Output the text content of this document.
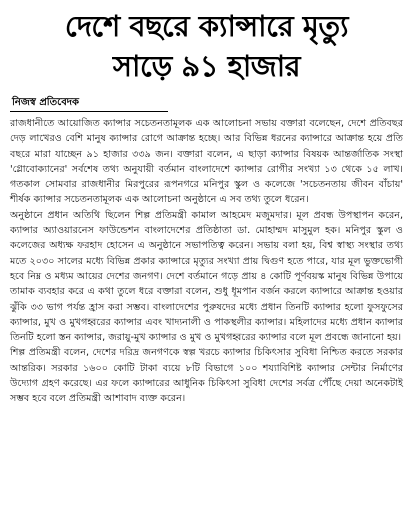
দেশে বছরে ক্যান্সারে মৃত্যু
সাড়ে ৯১ হাজার
নিজস্ব প্রতিবেদক

রাজধানীতে আয়োজিত ক্যান্সার সচেতনতামূলক এক আলোচনা সভায় বক্তারা বলেছেন, দেশে প্রতিবছর দেড় লাখেরও বেশি মানুষ ক্যান্সার রোগে আক্রান্ত হচ্ছে। আর বিভিন্ন ধরনের ক্যান্সারে আক্রান্ত হয়ে প্রতি বছরে মারা যাচ্ছেন ৯১ হাজার ৩৩৯ জন। বক্তারা বলেন, এ ছাড়া ক্যান্সার বিষয়ক আন্তর্জাতিক সংস্থা 'গ্লোবোক্যানের' সর্বশেষ তথ্য অনুযায়ী বর্তমান বাংলাদেশে ক্যান্সার রোগীর সংখ্যা ১৩ থেকে ১৫ লাখ। গতকাল সোমবার রাজধানীর মিরপুরের রূপনগরে মনিপুর স্কুল ও কলেজে 'সচেতনতায় জীবন বাঁচায়' শীর্ষক ক্যান্সার সচেতনতামূলক এক আলোচনা অনুষ্ঠানে এ সব তথ্য তুলে ধরেন।

অনুষ্ঠানে প্রধান অতিথি ছিলেন শিল্প প্রতিমন্ত্রী কামাল আহমেদ মজুমদার। মূল প্রবন্ধ উপস্থাপন করেন, ক্যান্সার অ্যাওয়ারনেস ফাউন্ডেশন বাংলাদেশের প্রতিষ্ঠাতা ডা. মোহাম্মদ মাসুমুল হক। মনিপুর স্কুল ও কলেজের অধ্যক্ষ ফরহাদ হোসেন এ অনুষ্ঠানে সভাপতিত্ব করেন। সভায় বলা হয়, বিশ্ব স্বাস্থ্য সংস্থার তথ্য মতে ২০৩০ সালের মধ্যে বিভিন্ন প্রকার ক্যান্সারে মৃত্যুর সংখ্যা প্রায় দ্বিগুণ হতে পারে, যার মূল ভুক্তভোগী হবে নিম্ন ও মধ্যম আয়ের দেশের জনগণ। দেশে বর্তমানে গড়ে প্রায় ৪ কোটি পূর্ণবয়স্ক মানুষ বিভিন্ন উপায়ে তামাক ব্যবহার করে এ কথা তুলে ধরে বক্তারা বলেন, শুধু ধূমপান বর্জন করলে ক্যান্সারে আক্রান্ত হওয়ার ঝুঁকি ৩৩ ভাগ পর্যন্ত হ্রাস করা সম্ভব। বাংলাদেশের পুরুষদের মধ্যে প্রধান তিনটি ক্যান্সার হলো ফুসফুসের ক্যান্সার, মুখ ও মুখগহ্বরের ক্যান্সার এবং খাদ্যনালী ও পাকস্থলীর ক্যান্সার। মহিলাদের মধ্যে প্রধান ক্যান্সার তিনটি হলো স্তন ক্যান্সার, জরায়ু-মুখ ক্যান্সার ও মুখ ও মুখগহ্বরের ক্যান্সার বলে মূল প্রবন্ধে জানানো হয়।

শিল্প প্রতিমন্ত্রী বলেন, দেশের দরিদ্র জনগণকে স্বল্প খরচে ক্যান্সার চিকিৎসার সুবিধা নিশ্চিত করতে সরকার আন্তরিক। সরকার ১৬০০ কোটি টাকা ব্যয়ে ৮টি বিভাগে ১০০ শয্যাবিশিষ্ট ক্যান্সার সেন্টার নির্মাণের উদ্যোগ গ্রহণ করেছে। এর ফলে ক্যান্সারের আধুনিক চিকিৎসা সুবিধা দেশের সর্বত্র পৌঁছে দেয়া অনেকটাই সম্ভব হবে বলে প্রতিমন্ত্রী আশাবাদ ব্যক্ত করেন।
